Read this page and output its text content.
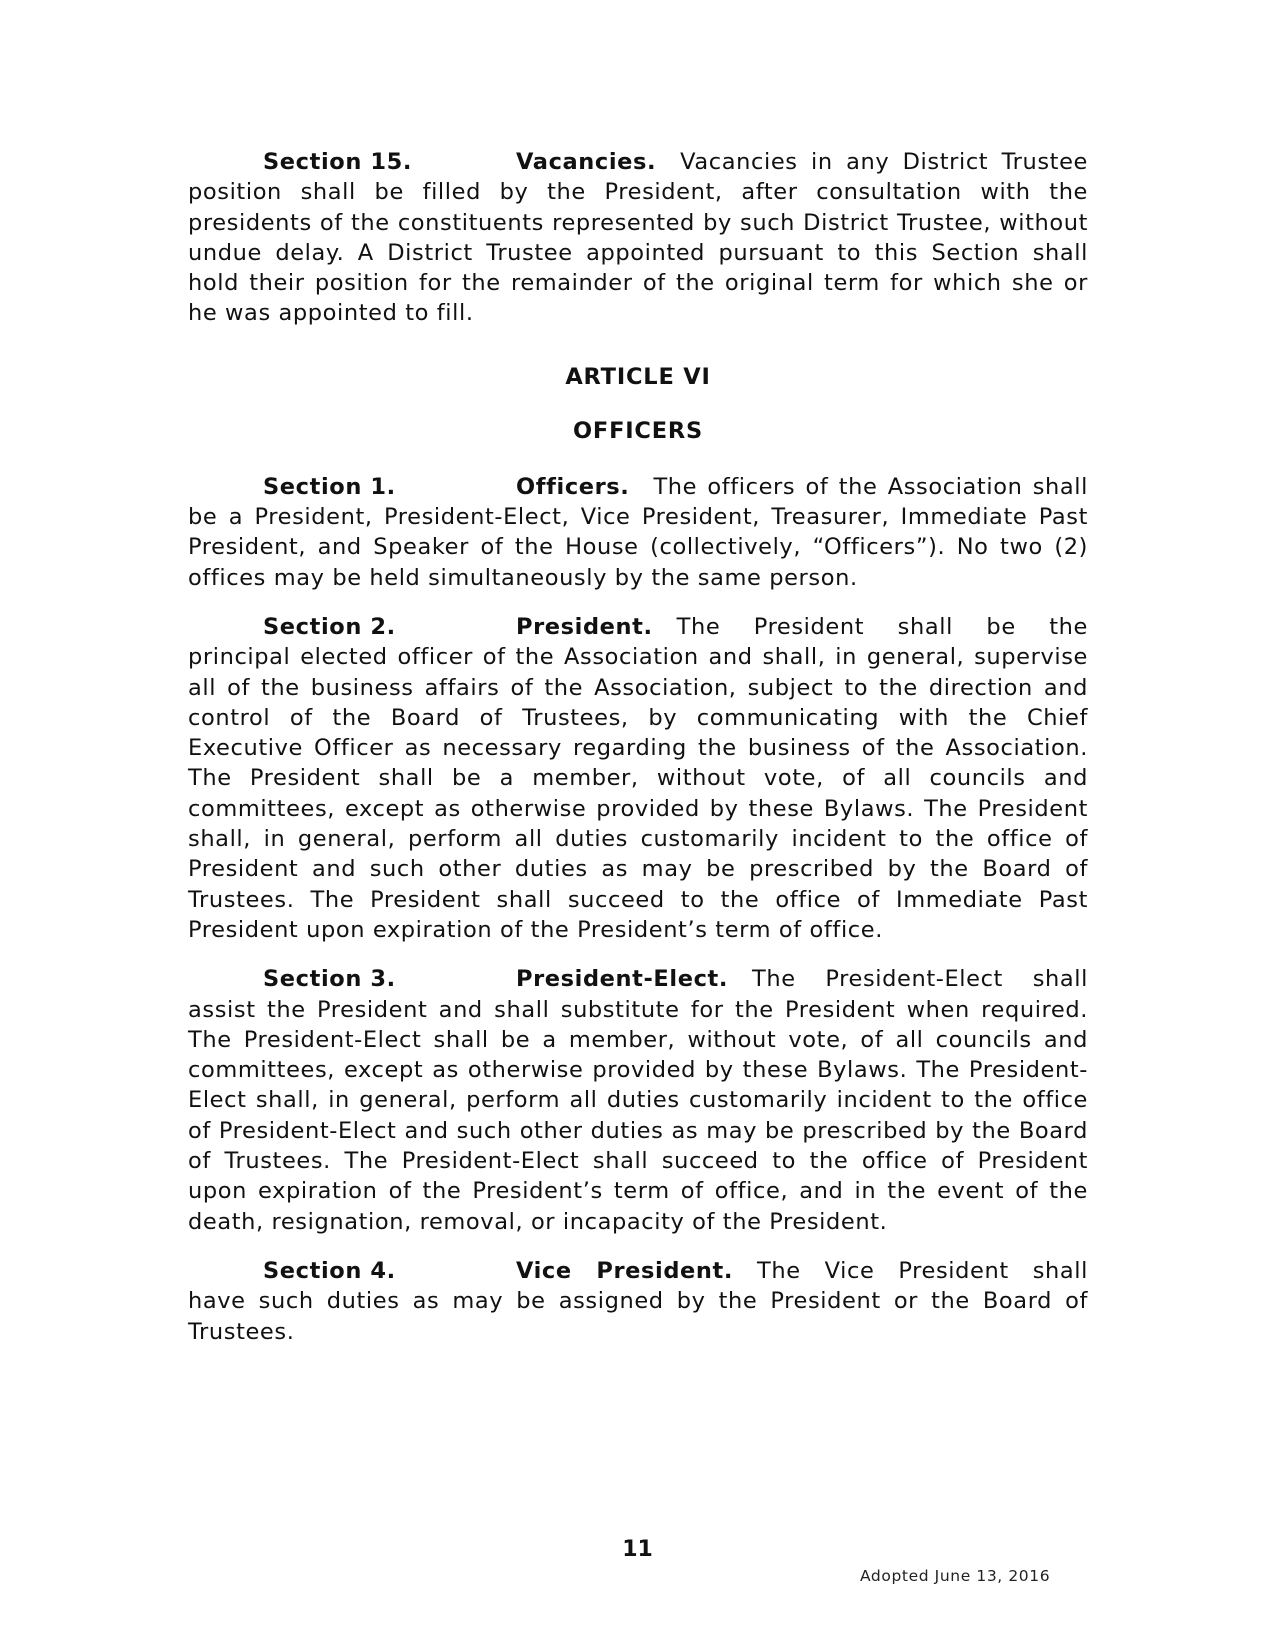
Section 15.	Vacancies. Vacancies in any District Trustee position shall be filled by the President, after consultation with the presidents of the constituents represented by such District Trustee, without undue delay. A District Trustee appointed pursuant to this Section shall hold their position for the remainder of the original term for which she or he was appointed to fill.

ARTICLE VI
OFFICERS

Section 1.	Officers. The officers of the Association shall be a President, President-Elect, Vice President, Treasurer, Immediate Past President, and Speaker of the House (collectively, “Officers”). No two (2) offices may be held simultaneously by the same person.

Section 2.	President. The President shall be the principal elected officer of the Association and shall, in general, supervise all of the business affairs of the Association, subject to the direction and control of the Board of Trustees, by communicating with the Chief Executive Officer as necessary regarding the business of the Association. The President shall be a member, without vote, of all councils and committees, except as otherwise provided by these Bylaws. The President shall, in general, perform all duties customarily incident to the office of President and such other duties as may be prescribed by the Board of Trustees. The President shall succeed to the office of Immediate Past President upon expiration of the President’s term of office.

Section 3.	President-Elect. The President-Elect shall assist the President and shall substitute for the President when required. The President-Elect shall be a member, without vote, of all councils and committees, except as otherwise provided by these Bylaws. The President-Elect shall, in general, perform all duties customarily incident to the office of President-Elect and such other duties as may be prescribed by the Board of Trustees. The President-Elect shall succeed to the office of President upon expiration of the President’s term of office, and in the event of the death, resignation, removal, or incapacity of the President.

Section 4.	Vice President. The Vice President shall have such duties as may be assigned by the President or the Board of Trustees.

11
Adopted June 13, 2016
